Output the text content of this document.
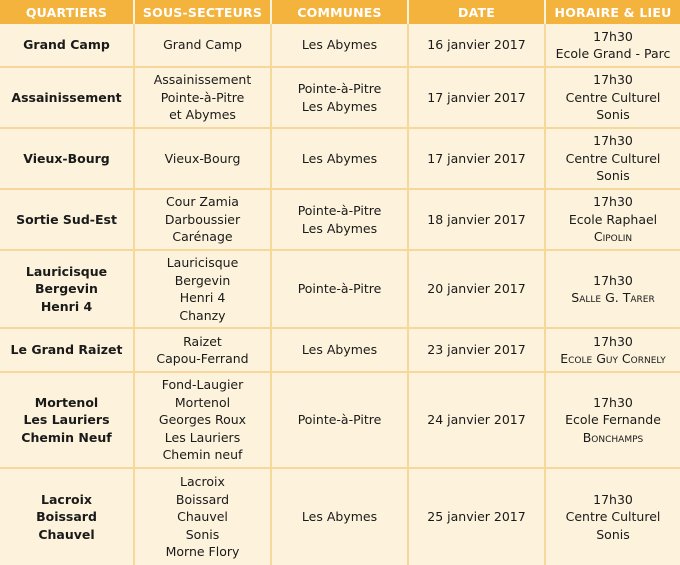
QUARTIERS	SOUS-SECTEURS	COMMUNES	DATE	HORAIRE & LIEU

Grand Camp	Grand Camp	Les Abymes	16 janvier 2017	17h30
Ecole Grand - Parc

Assainissement	Assainissement
Pointe-à-Pitre
et Abymes	Pointe-à-Pitre
Les Abymes	17 janvier 2017	17h30
Centre Culturel
Sonis

Vieux-Bourg	Vieux-Bourg	Les Abymes	17 janvier 2017	17h30
Centre Culturel
Sonis

Sortie Sud-Est	Cour Zamia
Darboussier
Carénage	Pointe-à-Pitre
Les Abymes	18 janvier 2017	17h30
Ecole Raphael
Cipolin

Lauricisque
Bergevin
Henri 4	Lauricisque
Bergevin
Henri 4
Chanzy	Pointe-à-Pitre	20 janvier 2017	17h30
Salle G. Tarer

Le Grand Raizet	Raizet
Capou-Ferrand	Les Abymes	23 janvier 2017	17h30
Ecole Guy Cornely

Mortenol
Les Lauriers
Chemin Neuf	Fond-Laugier
Mortenol
Georges Roux
Les Lauriers
Chemin neuf	Pointe-à-Pitre	24 janvier 2017	17h30
Ecole Fernande
Bonchamps

Lacroix
Boissard
Chauvel	Lacroix
Boissard
Chauvel
Sonis
Morne Flory	Les Abymes	25 janvier 2017	17h30
Centre Culturel
Sonis
